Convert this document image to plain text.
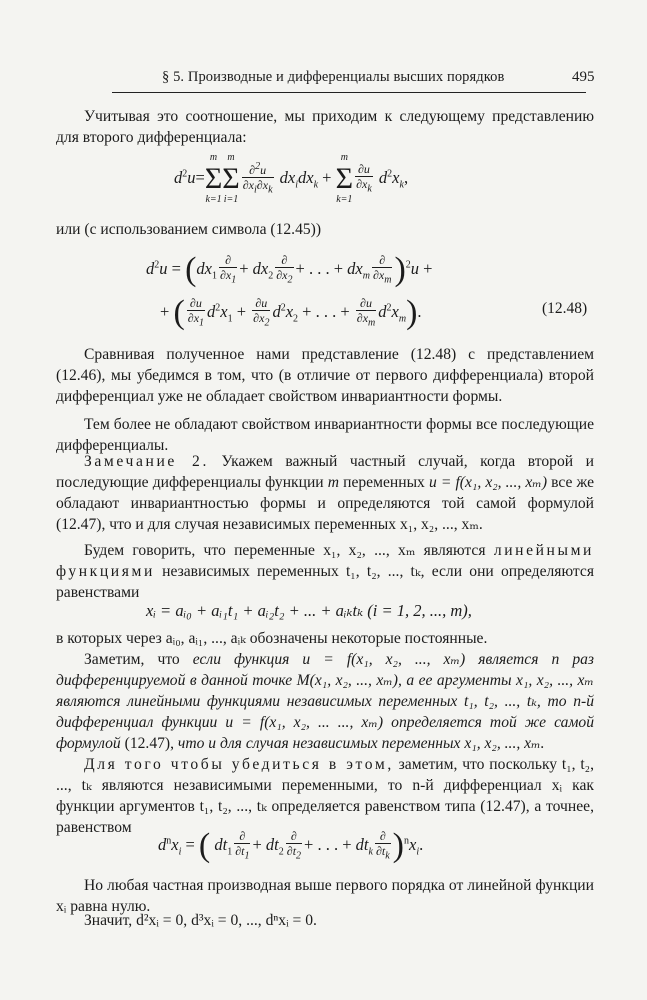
§ 5. Производные и дифференциалы высших порядков	495

Учитывая это соотношение, мы приходим к следующему представлению для второго дифференциала:

$d^2u=$
m
Σ
k=1
m
Σ
i=1
$\frac{\partial^2u}{\partial x_i\partial x_k} dx_idx_k$ +
m
Σ
k=1
$\frac{\partial u}{\partial x_k} d^2x_k$,

или (с использованием символа (12.45))

$d^2u = (dx_1$
∂
$\partial x_1$
+ $dx_2$
∂
$\partial x_2$
+ . . . + $dx_m$
∂
$\partial x_m$ )$^2$u +
+ ( $\frac{\partial u}{\partial x_1} d^2x_1 + \frac{\partial u}{\partial x_2} d^2x_2$ + . . . + $\frac{\partial u}{\partial x_m} d^2x_m$).	(12.48)

Сравнивая полученное нами представление (12.48) с представлением (12.46), мы убедимся в том, что (в отличие от первого дифференциала) второй дифференциал уже не обладает свойством инвариантности формы.

Тем более не обладают свойством инвариантности формы все последующие дифференциалы.

Замечание 2. Укажем важный частный случай, когда второй и последующие дифференциалы функции m переменных u = f(x₁, x₂, ..., xₘ) все же обладают инвариантностью формы и определяются той самой формулой (12.47), что и для случая независимых переменных x₁, x₂, ..., xₘ.

Будем говорить, что переменные x₁, x₂, ..., xₘ являются линейными функциями независимых переменных t₁, t₂, ..., tₖ, если они определяются равенствами

xᵢ = aᵢ₀ + aᵢ₁t₁ + aᵢ₂t₂ + ... + aᵢₖtₖ (i = 1, 2, ..., m),

в которых через aᵢ₀, aᵢ₁, ..., aᵢₖ обозначены некоторые постоянные.

Заметим, что если функция u = f(x₁, x₂, ..., xₘ) является n раз дифференцируемой в данной точке M(x₁, x₂, ..., xₘ), а ее аргументы x₁, x₂, ..., xₘ являются линейными функциями независимых переменных t₁, t₂, ..., tₖ, то n-й дифференциал функции u = f(x₁, x₂, ... ..., xₘ) определяется той же самой формулой (12.47), что и для случая независимых переменных x₁, x₂, ..., xₘ.

Для того чтобы убедиться в этом, заметим, что поскольку t₁, t₂, ..., tₖ являются независимыми переменными, то n-й дифференциал xᵢ как функции аргументов t₁, t₂, ..., tₖ определяется равенством типа (12.47), а точнее, равенством

$d^nx_i$ = ( $dt_1$
∂
$\partial t_1$
+ $dt_2$
∂
$\partial t_2$
+ . . . + $dt_k$
∂
$\partial t_k$ )$^nx_i$.

Но любая частная производная выше первого порядка от линейной функции xᵢ равна нулю.

Значит, d²xᵢ = 0, d³xᵢ = 0, ..., dⁿxᵢ = 0.
